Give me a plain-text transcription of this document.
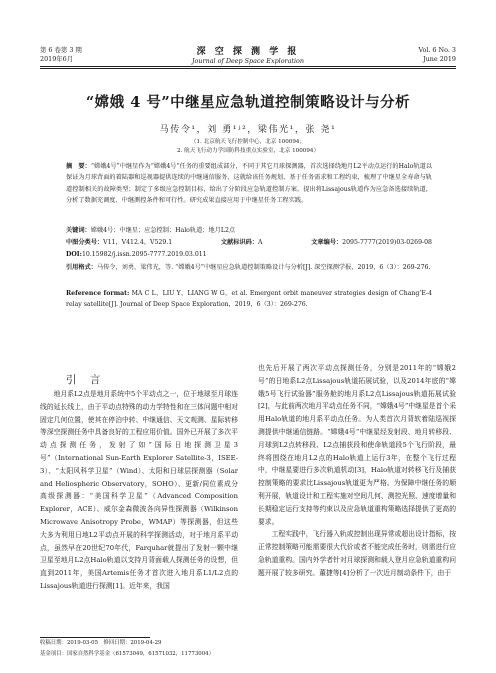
第 6 卷第 3 期
2019年6月
深 空 探 测 学 报
Journal of Deep Space Exploration
Vol. 6 No. 3
June 2019
“嫦娥 4 号”中继星应急轨道控制策略设计与分析
马传令¹，刘 勇¹ʲ²，梁伟光¹，张 尧¹
（1. 北京航天飞行控制中心，北京 100094；
2. 航天飞行动力学国防科技重点实验室，北京 100094）
摘　要：“嫦娥4号”中继星作为“嫦娥4号”任务的重要组成部分，不同于其它月球探测器，首次选择绕地月L2平动点运行的Halo轨道以保证为月球背面的着陆器和巡视器提供连续的中继通信服务，这就给该任务规划、基于任务需求和工程约束，梳理了中继星全寿命与轨道控制相关的故障类型；制定了多级应急控制目标，给出了分阶段应急轨道控制方案，提出将Lissajous轨道作为应急备选接续轨道，分析了数据充调度、中继测控条件和可行性。研究成果直接应用于中继星任务工程实践。
关键词：嫦娥4号；中继星；应急控制；Halo轨道；地月L2点
中图分类号：V11，V412.4，V529.1	文献标识码：A	文章编号：2095-7777(2019)03-0269-08
DOI:10.15982/j.issn.2095-7777.2019.03.011
引用格式：马传令，刘勇，梁伟光，等. “嫦娥4号”中继星应急轨道控制策略设计与分析[J]. 深空探测学报，2019，6（3）：269-276.
Reference format: MA C L，LIU Y，LIANG W G，et al. Emergent orbit maneuver strategies design of Chang’E-4 relay satellite[J]. Journal of Deep Space Exploration，2019，6（3）：269-276.
引 言

地月系L2点是地月系统中5个平动点之一，位于地球至月球连线的延长线上，由于平动点特殊的动力学特性和在三体问题中相对固定几何位置，使其在停泊中转、中继通信、天文观测、星际转移等深空探测任务中具备良好的工程应用价值。国外已开展了多次平动点探测任务，发射了如“国际日地探测卫星3号”（International Sun-Earth Explorer Satellite-3，ISEE-3）、“太阳风科学卫星”（Wind）、太阳和日球层探测器（Solar and Heliospheric Observatory，SOHO）、更新/同位素成分高级探测器：“美国科学卫星”（Advanced Composition Explorer，ACE）、威尔金森微波各向异性探测器（Wilkinson Microwave Anisotropy Probe，WMAP）等探测器，但这些大多为利用日地L2平动点开展的科学探测活动，对于地月系平动点，虽然早在20世纪70年代，Farquhar就提出了发射一颗中继卫星至地月L2点Halo轨道以支持月背面载人探测任务的设想，但直到2011年，美国Artemis任务才首次进入地月系L1/L2点的Lissajous轨道进行探测[1]。近年来，我国

也先后开展了两次平动点探测任务，分别是2011年的“嫦娥2号”的日地系L2点Lissajous轨道拓展试验，以及2014年底的“嫦娥5号飞行试验器”服务舱的地月系L2点Lissajous轨道拓展试验[2]，与此前两次地月平动点任务不同，“嫦娥4号”中继星是首个采用Halo轨道的地月系平动点任务。为人类首次月背软着陆巡视探测提供中继通信链路。“嫦娥4号”中继星经发射段、地月转移段、月球到L2点转移段、L2点捕获段和使命轨道段5个飞行阶段，最终将围绕在地月L2点的Halo轨道上运行3年，在整个飞行过程中，中继星要进行多次轨道机动[3]，Halo轨道对转移飞行及捕获控制策略的要求比Lissajous轨道更为严格。为保障中继任务的顺利开展，轨道设计和工程实施对空间几何、测控光照、速度增量和长期稳定运行支持等约束以及应急轨道重构策略选择提供了更高的要求。

工程实践中，飞行器入轨或控制出现异常或超出设计指标，按正常控制策略可能需要很大代价或者不能完成任务时，则需进行应急轨道重构。国内外学者针对月球探测和载人登月应急轨道重构问题开展了较多研究。董捷等[4]分析了一次近月制动条件下，由于

收稿日期：2019-03-05　修回日期：2019-04-29
基金项目：国家自然科学基金（61573049，61571032，11773004）
